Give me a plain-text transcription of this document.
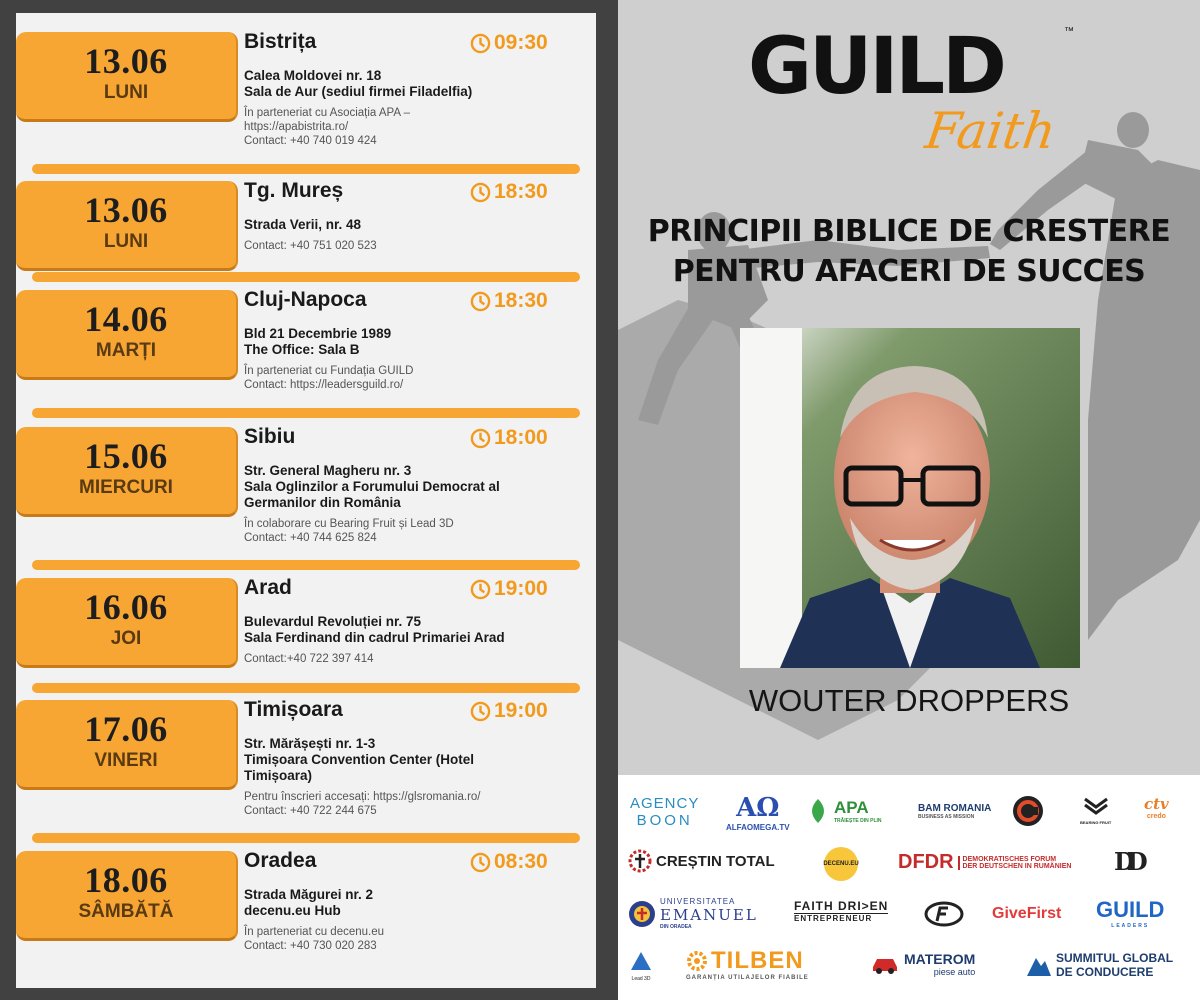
13.06
LUNI
Bistrița	09:30
Calea Moldovei nr. 18
Sala de Aur (sediul firmei Filadelfia)
În parteneriat cu Asociația APA –
https://apabistrita.ro/
Contact: +40 740 019 424
13.06
LUNI
Tg. Mureș	18:30
Strada Verii, nr. 48
Contact: +40 751 020 523
14.06
MARȚI
Cluj-Napoca	18:30
Bld 21 Decembrie 1989
The Office: Sala B
În parteneriat cu Fundația GUILD
Contact: https://leadersguild.ro/
15.06
MIERCURI
Sibiu	18:00
Str. General Magheru nr. 3
Sala Oglinzilor a Forumului Democrat al
Germanilor din România
În colaborare cu Bearing Fruit și Lead 3D
Contact: +40 744 625 824
16.06
JOI
Arad	19:00
Bulevardul Revoluției nr. 75
Sala Ferdinand din cadrul Primariei Arad
Contact:+40 722 397 414
17.06
VINERI
Timișoara	19:00
Str. Mărășești nr. 1-3
Timișoara Convention Center (Hotel
Timișoara)
Pentru înscrieri accesați: https://glsromania.ro/
Contact: +40 722 244 675
18.06
SÂMBĂTĂ
Oradea	08:30
Strada Măgurei nr. 2
decenu.eu Hub
În parteneriat cu decenu.eu
Contact: +40 730 020 283
GUILD	™
Faith
PRINCIPII BIBLICE DE CRESTERE
PENTRU AFACERI DE SUCCES
WOUTER DROPPERS
AGENCY
BOON	ΑΩ
ALFAOMEGA.TV
APA
TRĂIEȘTE DIN PLIN
BAM ROMANIA
BUSINESS AS MISSION
BEARING FRUIT
ctv
credo
CREȘTIN TOTAL	DECENU.EU DFDR DEMOKRATISCHES FORUM
DER DEUTSCHEN IN RUMÄNIEN DD
UNIVERSITATEA
EMANUEL
DIN ORADEA
FAITH DRI>EN
ENTREPRENEUR	GiveFirst GUILD
LEADERS
Lead 3D
TILBEN
GARANȚIA UTILAJELOR FIABILE
MATEROM
piese auto
SUMMITUL GLOBAL
DE CONDUCERE
